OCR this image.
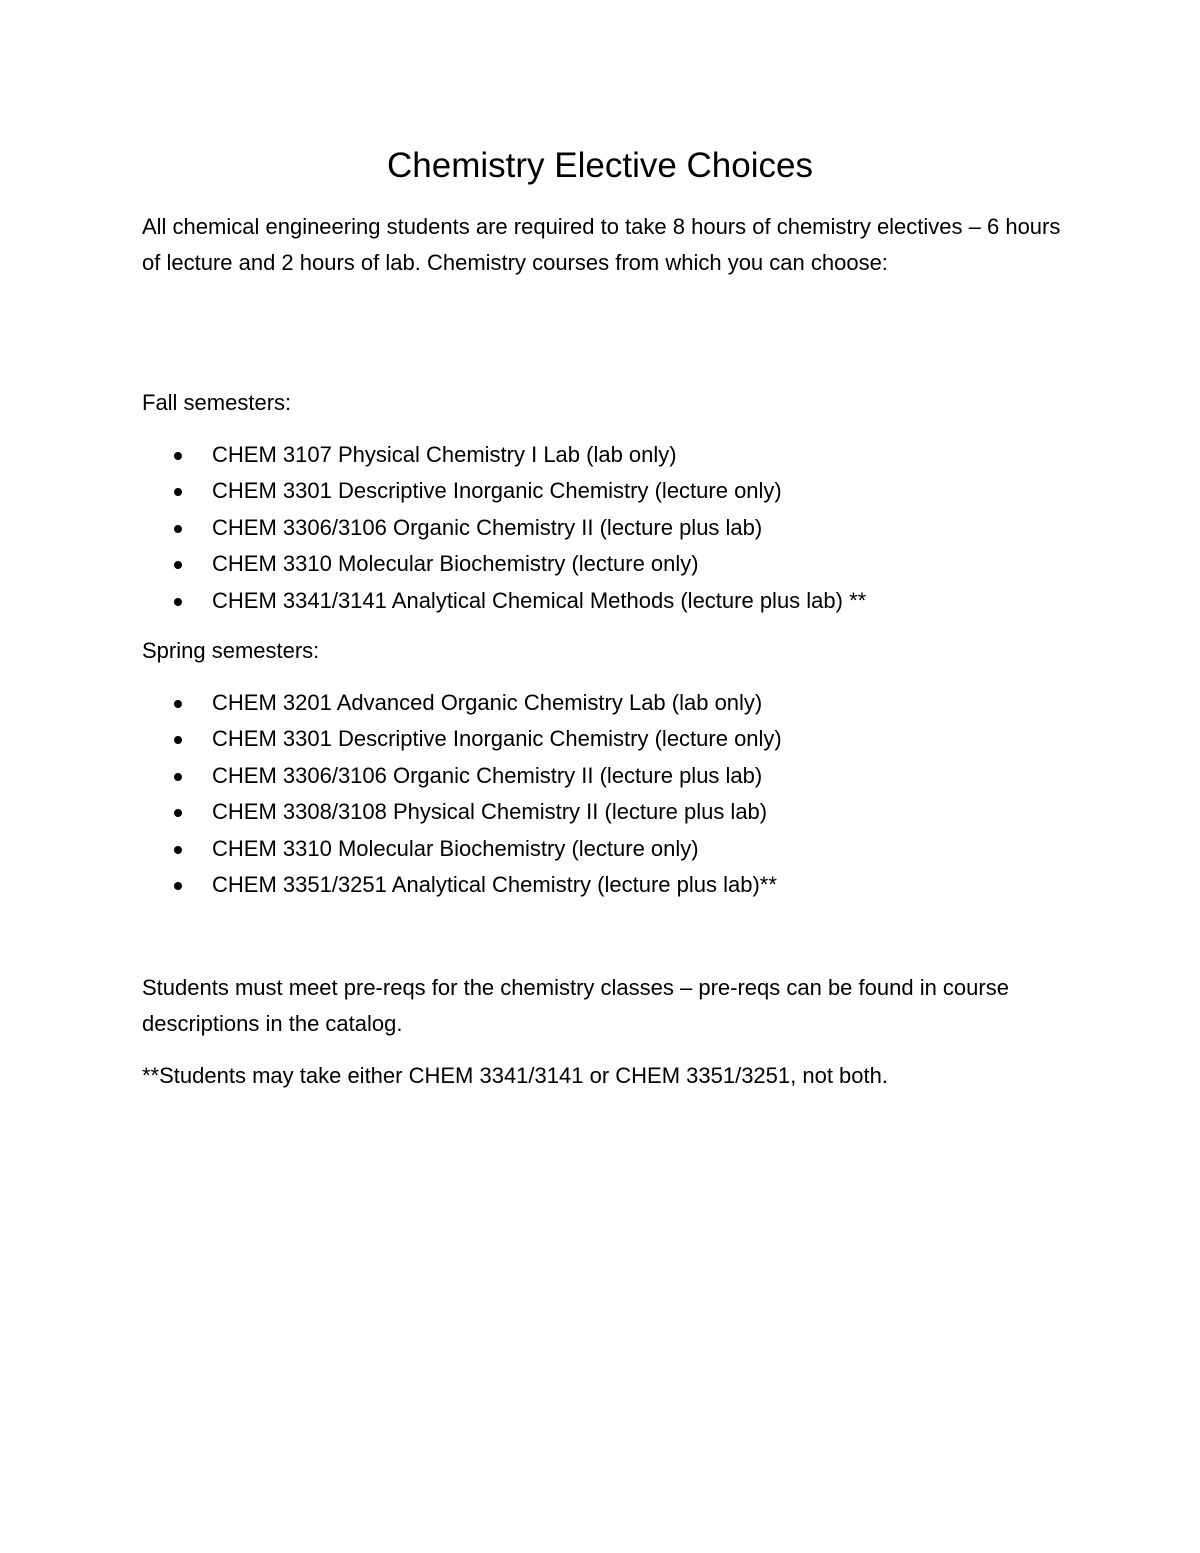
Chemistry Elective Choices

All chemical engineering students are required to take 8 hours of chemistry electives – 6 hours of lecture and 2 hours of lab. Chemistry courses from which you can choose:

Fall semesters:

CHEM 3107 Physical Chemistry I Lab (lab only)
CHEM 3301 Descriptive Inorganic Chemistry (lecture only)
CHEM 3306/3106 Organic Chemistry II (lecture plus lab)
CHEM 3310 Molecular Biochemistry (lecture only)
CHEM 3341/3141 Analytical Chemical Methods (lecture plus lab) **

Spring semesters:

CHEM 3201 Advanced Organic Chemistry Lab (lab only)
CHEM 3301 Descriptive Inorganic Chemistry (lecture only)
CHEM 3306/3106 Organic Chemistry II (lecture plus lab)
CHEM 3308/3108 Physical Chemistry II (lecture plus lab)
CHEM 3310 Molecular Biochemistry (lecture only)
CHEM 3351/3251 Analytical Chemistry (lecture plus lab)**

Students must meet pre-reqs for the chemistry classes – pre-reqs can be found in course descriptions in the catalog.

**Students may take either CHEM 3341/3141 or CHEM 3351/3251, not both.
